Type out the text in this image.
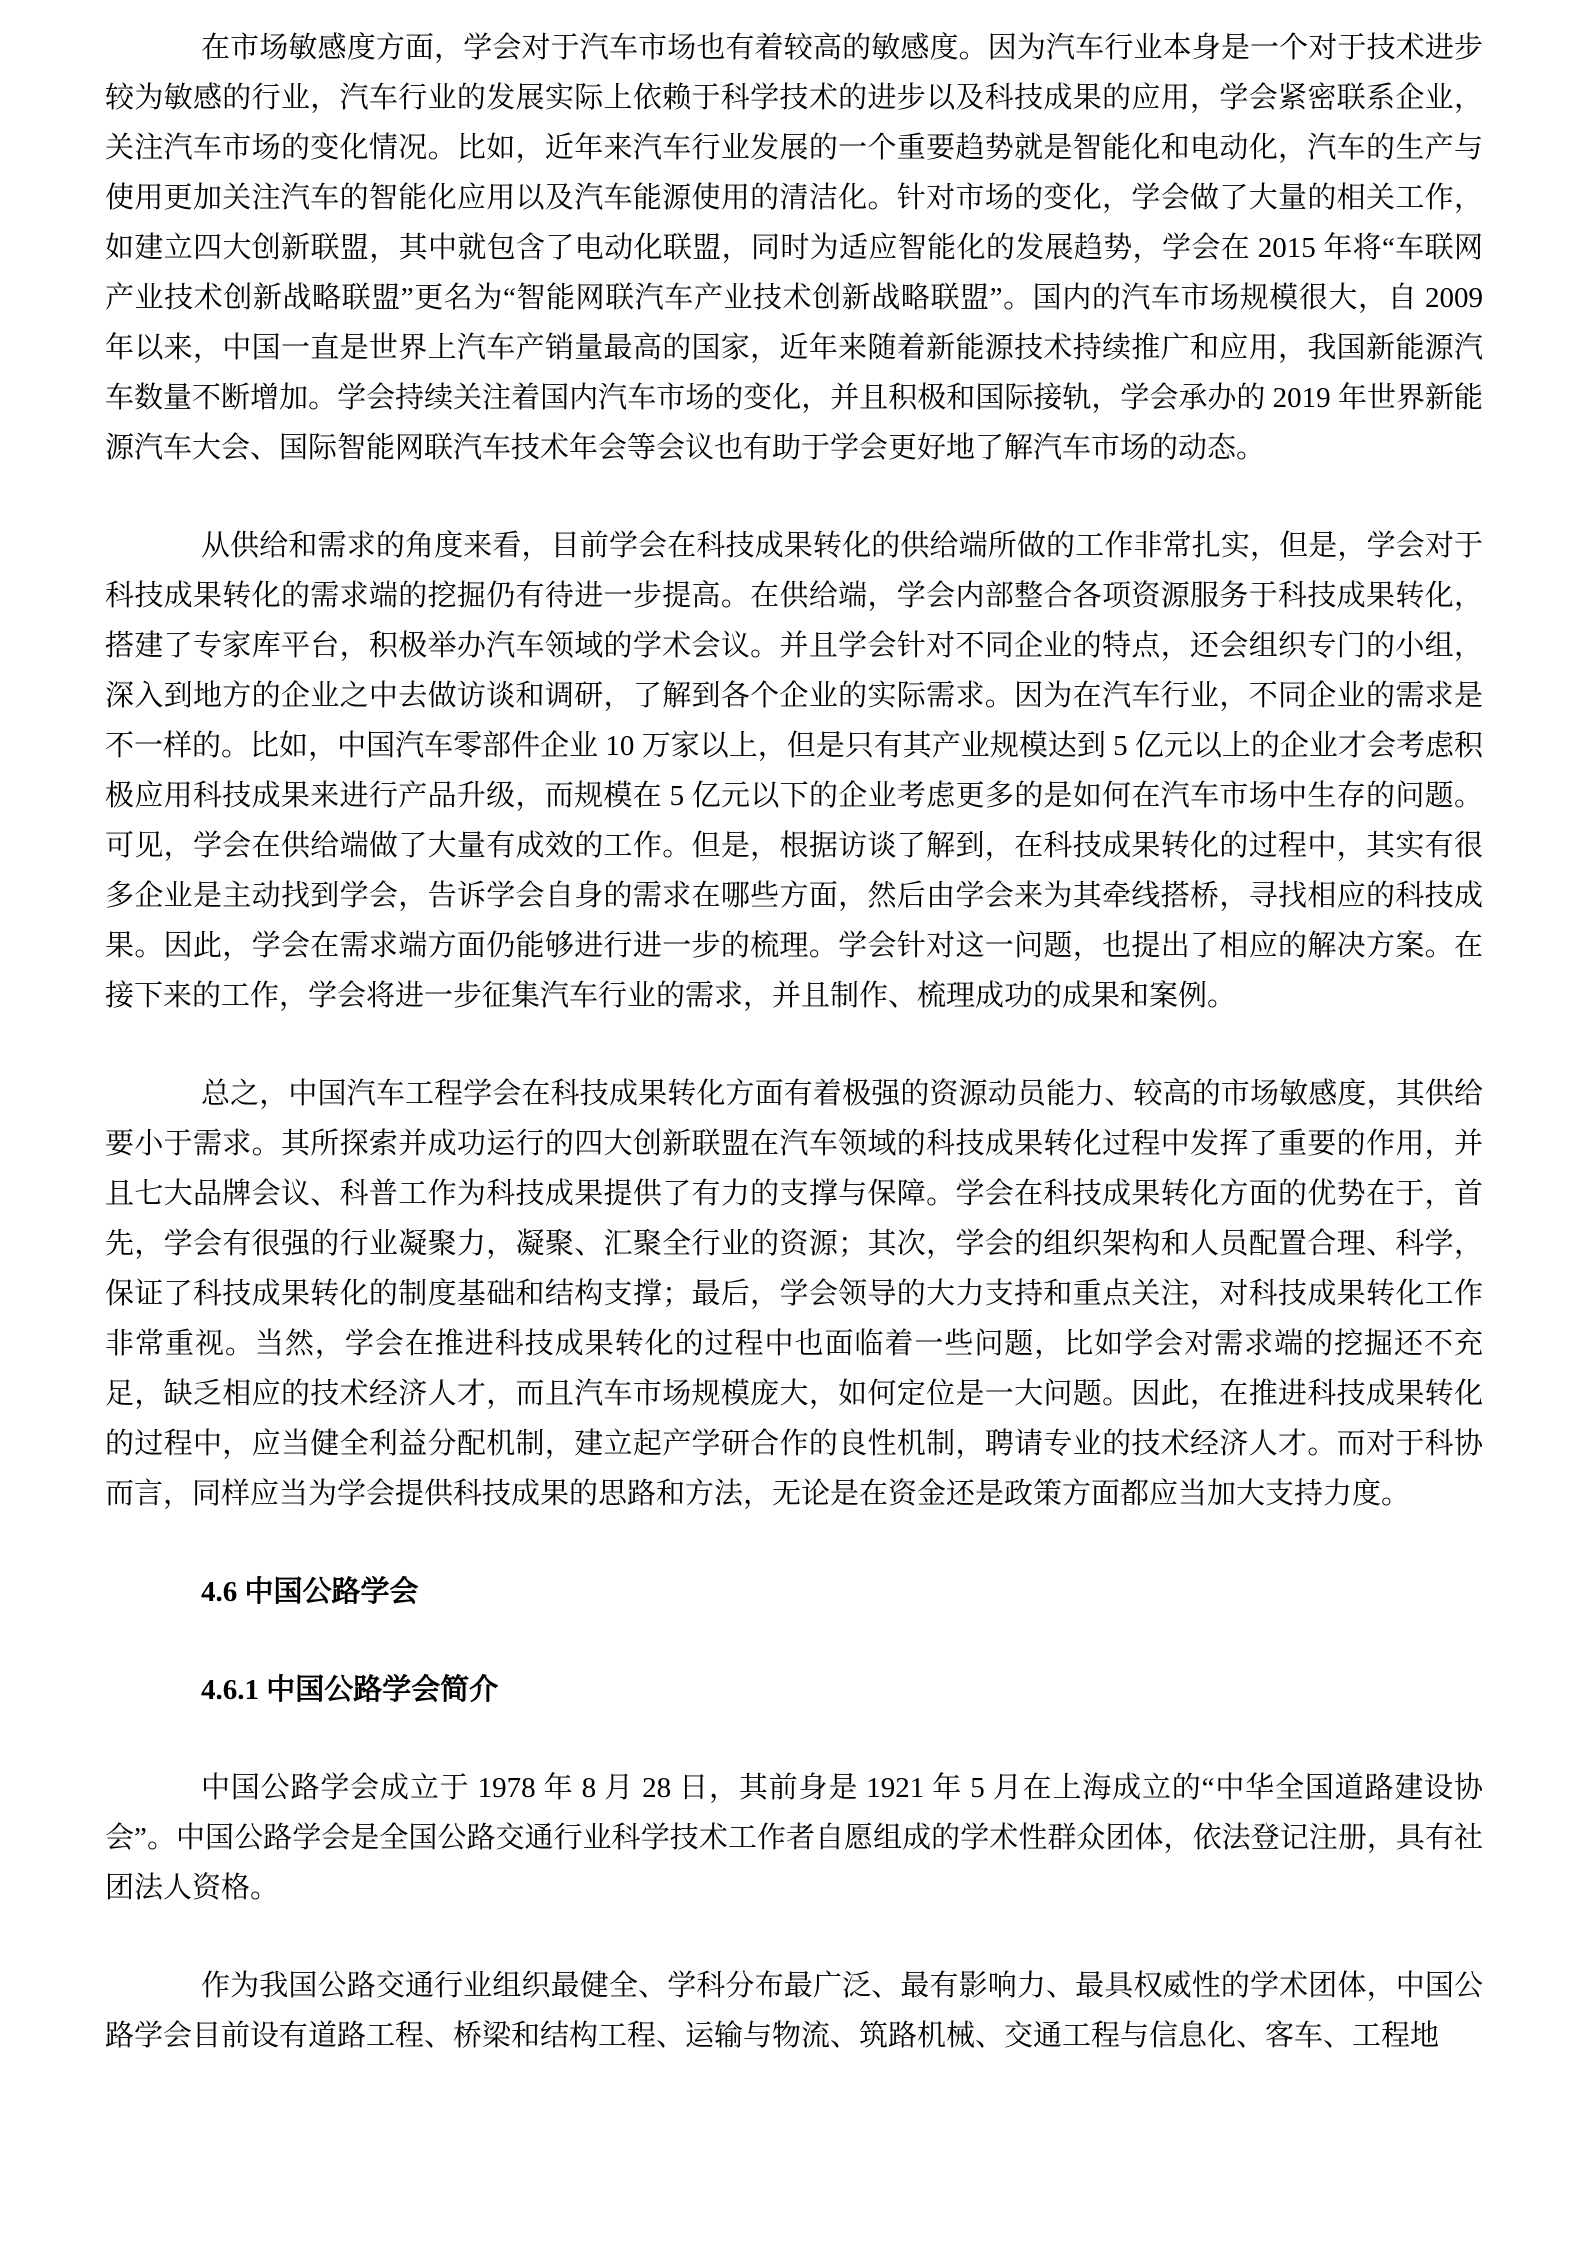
在市场敏感度方面，学会对于汽车市场也有着较高的敏感度。因为汽车行业本身是一个对于技术进步较为敏感的行业，汽车行业的发展实际上依赖于科学技术的进步以及科技成果的应用，学会紧密联系企业，关注汽车市场的变化情况。比如，近年来汽车行业发展的一个重要趋势就是智能化和电动化，汽车的生产与使用更加关注汽车的智能化应用以及汽车能源使用的清洁化。针对市场的变化，学会做了大量的相关工作，如建立四大创新联盟，其中就包含了电动化联盟，同时为适应智能化的发展趋势，学会在 2015 年将“车联网产业技术创新战略联盟”更名为“智能网联汽车产业技术创新战略联盟”。国内的汽车市场规模很大，自 2009 年以来，中国一直是世界上汽车产销量最高的国家，近年来随着新能源技术持续推广和应用，我国新能源汽车数量不断增加。学会持续关注着国内汽车市场的变化，并且积极和国际接轨，学会承办的 2019 年世界新能源汽车大会、国际智能网联汽车技术年会等会议也有助于学会更好地了解汽车市场的动态。

从供给和需求的角度来看，目前学会在科技成果转化的供给端所做的工作非常扎实，但是，学会对于科技成果转化的需求端的挖掘仍有待进一步提高。在供给端，学会内部整合各项资源服务于科技成果转化，搭建了专家库平台，积极举办汽车领域的学术会议。并且学会针对不同企业的特点，还会组织专门的小组，深入到地方的企业之中去做访谈和调研，了解到各个企业的实际需求。因为在汽车行业，不同企业的需求是不一样的。比如，中国汽车零部件企业 10 万家以上，但是只有其产业规模达到 5 亿元以上的企业才会考虑积极应用科技成果来进行产品升级，而规模在 5 亿元以下的企业考虑更多的是如何在汽车市场中生存的问题。可见，学会在供给端做了大量有成效的工作。但是，根据访谈了解到，在科技成果转化的过程中，其实有很多企业是主动找到学会，告诉学会自身的需求在哪些方面，然后由学会来为其牵线搭桥，寻找相应的科技成果。因此，学会在需求端方面仍能够进行进一步的梳理。学会针对这一问题，也提出了相应的解决方案。在接下来的工作，学会将进一步征集汽车行业的需求，并且制作、梳理成功的成果和案例。

总之，中国汽车工程学会在科技成果转化方面有着极强的资源动员能力、较高的市场敏感度，其供给要小于需求。其所探索并成功运行的四大创新联盟在汽车领域的科技成果转化过程中发挥了重要的作用，并且七大品牌会议、科普工作为科技成果提供了有力的支撑与保障。学会在科技成果转化方面的优势在于，首先，学会有很强的行业凝聚力，凝聚、汇聚全行业的资源；其次，学会的组织架构和人员配置合理、科学，保证了科技成果转化的制度基础和结构支撑；最后，学会领导的大力支持和重点关注，对科技成果转化工作非常重视。当然，学会在推进科技成果转化的过程中也面临着一些问题，比如学会对需求端的挖掘还不充足，缺乏相应的技术经济人才，而且汽车市场规模庞大，如何定位是一大问题。因此，在推进科技成果转化的过程中，应当健全利益分配机制，建立起产学研合作的良性机制，聘请专业的技术经济人才。而对于科协而言，同样应当为学会提供科技成果的思路和方法，无论是在资金还是政策方面都应当加大支持力度。

4.6 中国公路学会

4.6.1 中国公路学会简介

中国公路学会成立于 1978 年 8 月 28 日，其前身是 1921 年 5 月在上海成立的“中华全国道路建设协会”。中国公路学会是全国公路交通行业科学技术工作者自愿组成的学术性群众团体，依法登记注册，具有社团法人资格。

作为我国公路交通行业组织最健全、学科分布最广泛、最有影响力、最具权威性的学术团体，中国公路学会目前设有道路工程、桥梁和结构工程、运输与物流、筑路机械、交通工程与信息化、客车、工程地
